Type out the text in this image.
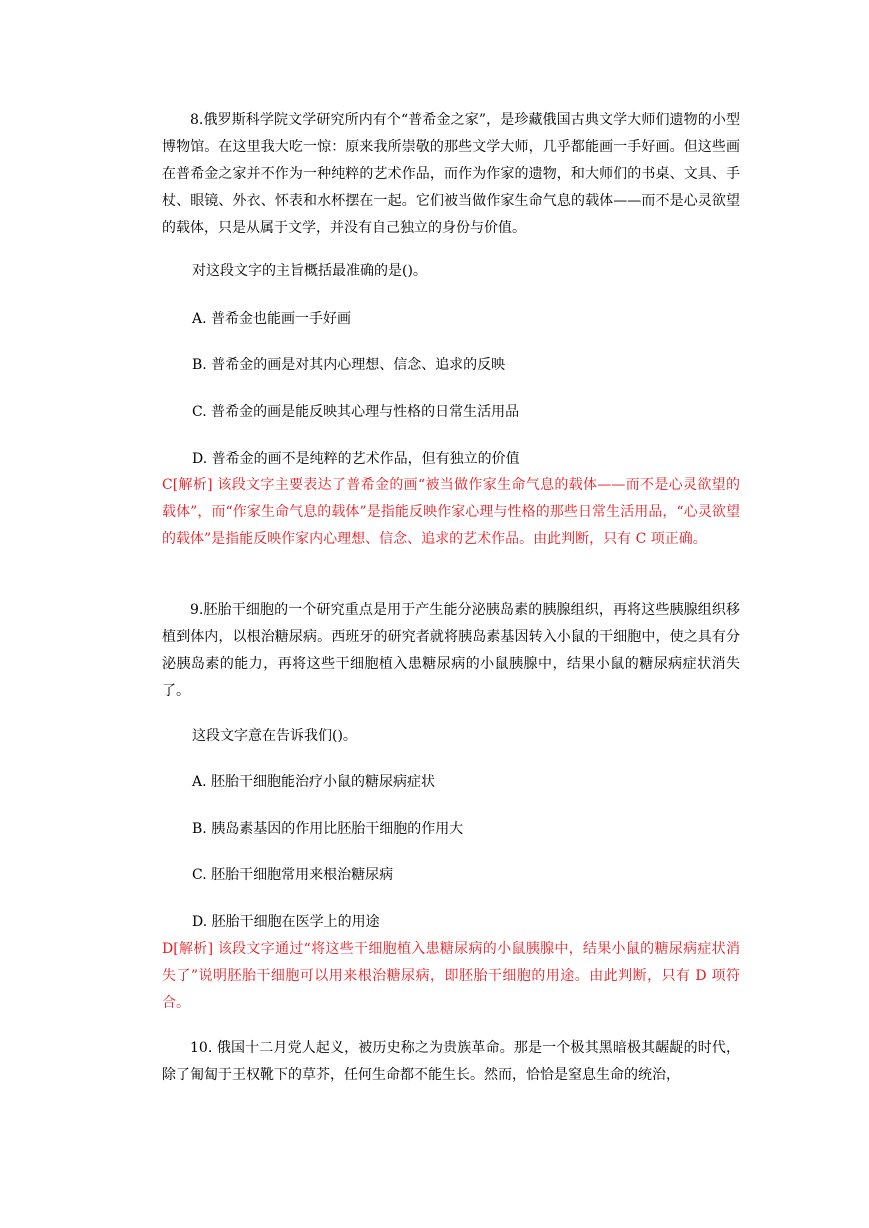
8.俄罗斯科学院文学研究所内有个“普希金之家”，是珍藏俄国古典文学大师们遗物的小型博物馆。在这里我大吃一惊：原来我所崇敬的那些文学大师，几乎都能画一手好画。但这些画在普希金之家并不作为一种纯粹的艺术作品，而作为作家的遗物，和大师们的书桌、文具、手杖、眼镜、外衣、怀表和水杯摆在一起。它们被当做作家生命气息的载体——而不是心灵欲望的载体，只是从属于文学，并没有自己独立的身份与价值。

对这段文字的主旨概括最准确的是()。

A. 普希金也能画一手好画

B. 普希金的画是对其内心理想、信念、追求的反映

C. 普希金的画是能反映其心理与性格的日常生活用品

D. 普希金的画不是纯粹的艺术作品，但有独立的价值

C[解析] 该段文字主要表达了普希金的画“被当做作家生命气息的载体——而不是心灵欲望的载体”，而“作家生命气息的载体”是指能反映作家心理与性格的那些日常生活用品，“心灵欲望的载体”是指能反映作家内心理想、信念、追求的艺术作品。由此判断，只有 C 项正确。

9.胚胎干细胞的一个研究重点是用于产生能分泌胰岛素的胰腺组织，再将这些胰腺组织移植到体内，以根治糖尿病。西班牙的研究者就将胰岛素基因转入小鼠的干细胞中，使之具有分泌胰岛素的能力，再将这些干细胞植入患糖尿病的小鼠胰腺中，结果小鼠的糖尿病症状消失了。

这段文字意在告诉我们()。

A. 胚胎干细胞能治疗小鼠的糖尿病症状

B. 胰岛素基因的作用比胚胎干细胞的作用大

C. 胚胎干细胞常用来根治糖尿病

D. 胚胎干细胞在医学上的用途

D[解析] 该段文字通过“将这些干细胞植入患糖尿病的小鼠胰腺中，结果小鼠的糖尿病症状消失了”说明胚胎干细胞可以用来根治糖尿病，即胚胎干细胞的用途。由此判断，只有 D 项符合。

10. 俄国十二月党人起义，被历史称之为贵族革命。那是一个极其黑暗极其龌龊的时代，除了匍匐于王权靴下的草芥，任何生命都不能生长。然而，恰恰是窒息生命的统治，
